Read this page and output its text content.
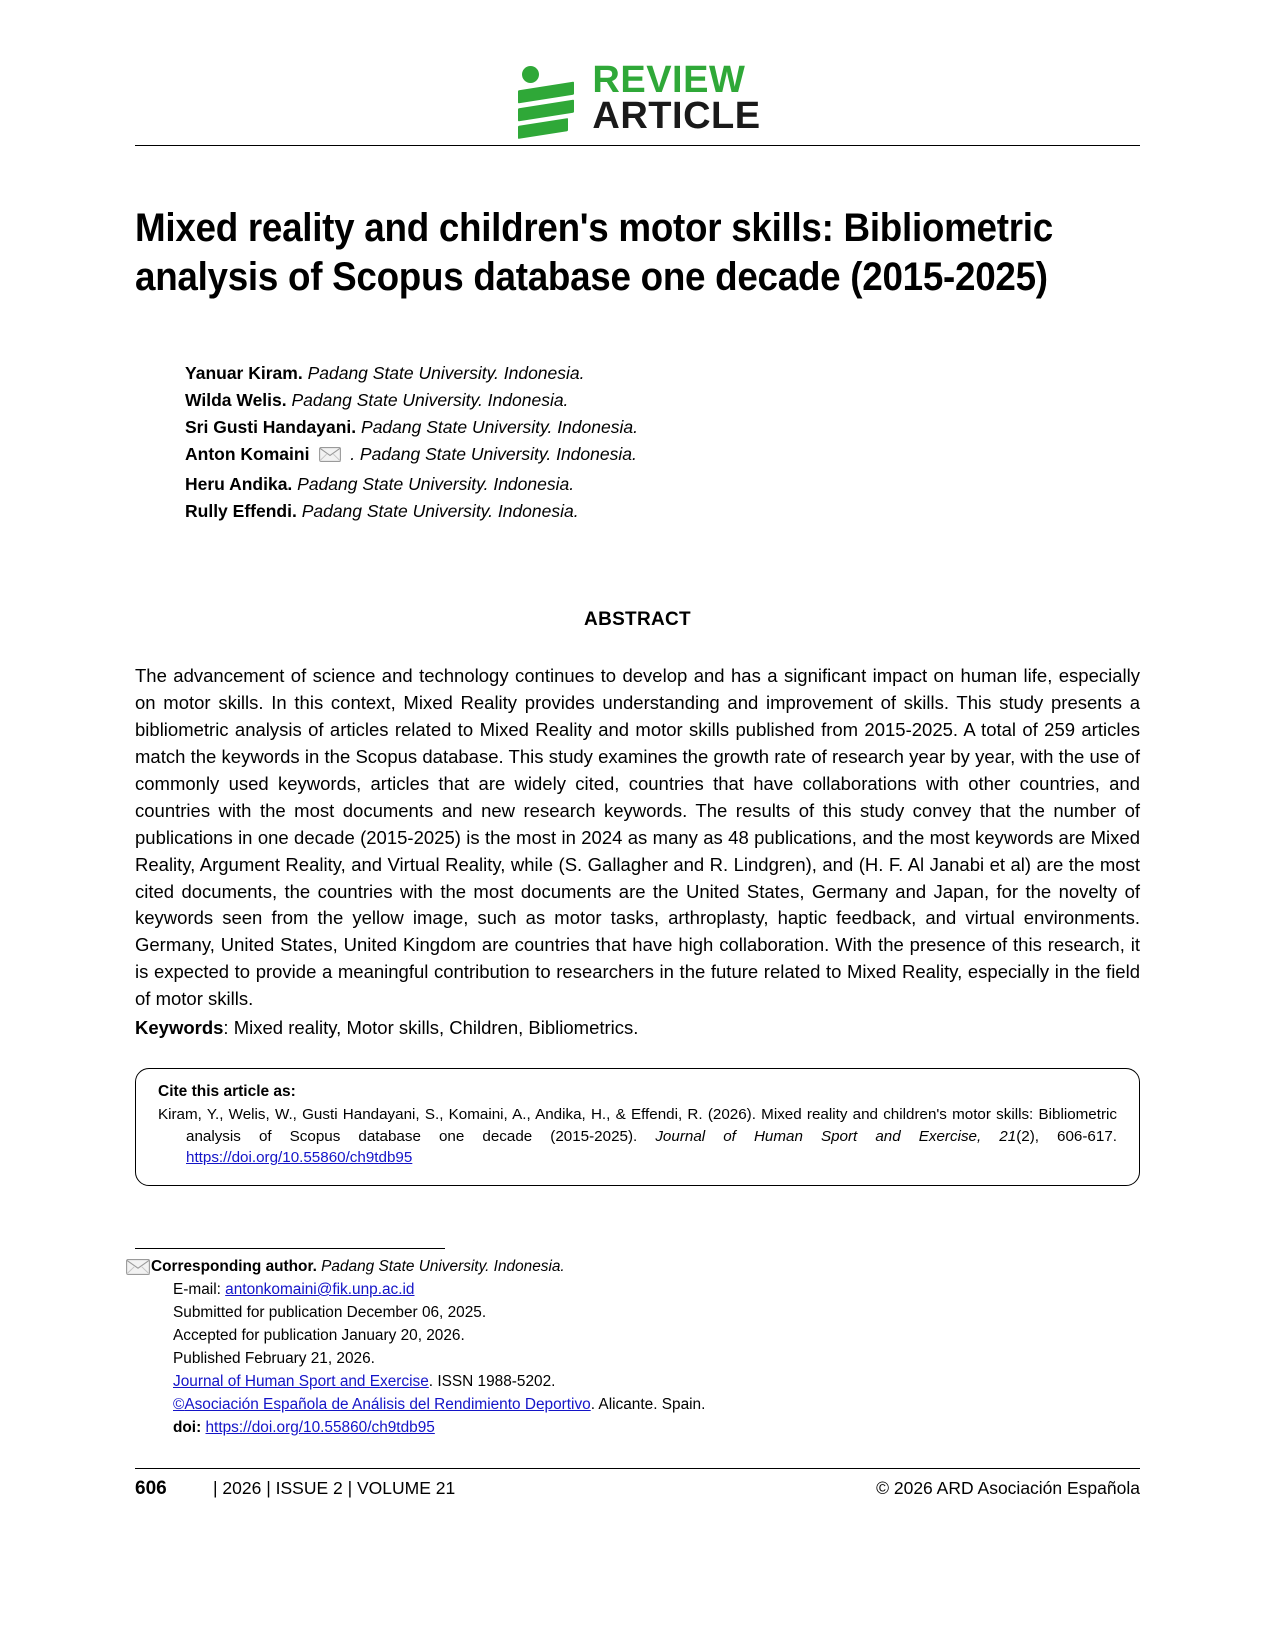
REVIEW
ARTICLE
Mixed reality and children's motor skills: Bibliometric analysis of Scopus database one decade (2015-2025)
Yanuar Kiram. Padang State University. Indonesia.
Wilda Welis. Padang State University. Indonesia.
Sri Gusti Handayani. Padang State University. Indonesia.
Anton Komaini . Padang State University. Indonesia.
Heru Andika. Padang State University. Indonesia.
Rully Effendi. Padang State University. Indonesia.
ABSTRACT
The advancement of science and technology continues to develop and has a significant impact on human life, especially on motor skills. In this context, Mixed Reality provides understanding and improvement of skills. This study presents a bibliometric analysis of articles related to Mixed Reality and motor skills published from 2015-2025. A total of 259 articles match the keywords in the Scopus database. This study examines the growth rate of research year by year, with the use of commonly used keywords, articles that are widely cited, countries that have collaborations with other countries, and countries with the most documents and new research keywords. The results of this study convey that the number of publications in one decade (2015-2025) is the most in 2024 as many as 48 publications, and the most keywords are Mixed Reality, Argument Reality, and Virtual Reality, while (S. Gallagher and R. Lindgren), and (H. F. Al Janabi et al) are the most cited documents, the countries with the most documents are the United States, Germany and Japan, for the novelty of keywords seen from the yellow image, such as motor tasks, arthroplasty, haptic feedback, and virtual environments. Germany, United States, United Kingdom are countries that have high collaboration. With the presence of this research, it is expected to provide a meaningful contribution to researchers in the future related to Mixed Reality, especially in the field of motor skills.
Keywords: Mixed reality, Motor skills, Children, Bibliometrics.
Cite this article as:
Kiram, Y., Welis, W., Gusti Handayani, S., Komaini, A., Andika, H., & Effendi, R. (2026). Mixed reality and children's motor skills: Bibliometric analysis of Scopus database one decade (2015-2025). Journal of Human Sport and Exercise, 21(2), 606-617. https://doi.org/10.55860/ch9tdb95
Corresponding author. Padang State University. Indonesia.
E-mail: antonkomaini@fik.unp.ac.id
Submitted for publication December 06, 2025.
Accepted for publication January 20, 2026.
Published February 21, 2026.
Journal of Human Sport and Exercise. ISSN 1988-5202.
©Asociación Española de Análisis del Rendimiento Deportivo. Alicante. Spain.
doi: https://doi.org/10.55860/ch9tdb95
606	| 2026 | ISSUE 2 | VOLUME 21	© 2026 ARD Asociación Española
